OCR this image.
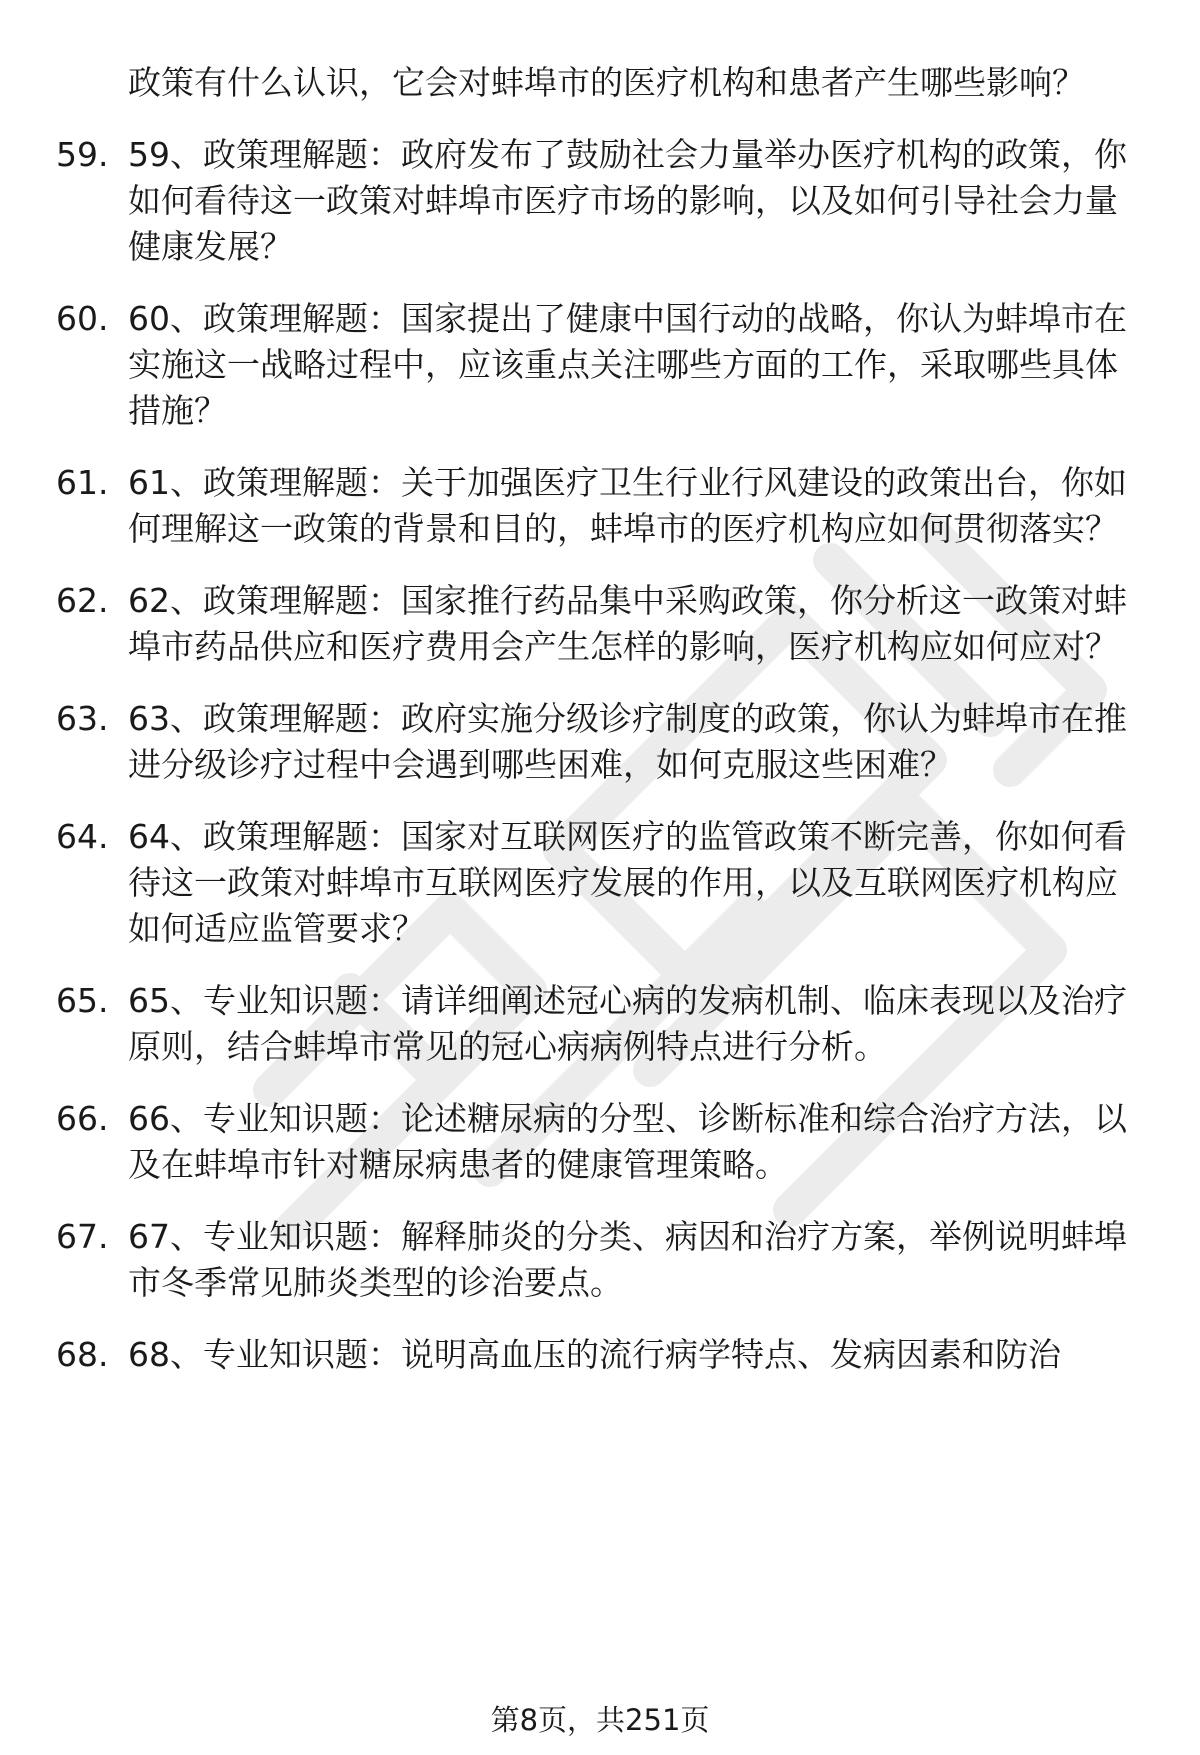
政策有什么认识，它会对蚌埠市的医疗机构和患者产生哪些影响？
59. 59、政策理解题：政府发布了鼓励社会力量举办医疗机构的政策，你如何看待这一政策对蚌埠市医疗市场的影响，以及如何引导社会力量健康发展？
60. 60、政策理解题：国家提出了健康中国行动的战略，你认为蚌埠市在实施这一战略过程中，应该重点关注哪些方面的工作，采取哪些具体措施？
61. 61、政策理解题：关于加强医疗卫生行业行风建设的政策出台，你如何理解这一政策的背景和目的，蚌埠市的医疗机构应如何贯彻落实？
62. 62、政策理解题：国家推行药品集中采购政策，你分析这一政策对蚌埠市药品供应和医疗费用会产生怎样的影响，医疗机构应如何应对？
63. 63、政策理解题：政府实施分级诊疗制度的政策，你认为蚌埠市在推进分级诊疗过程中会遇到哪些困难，如何克服这些困难？
64. 64、政策理解题：国家对互联网医疗的监管政策不断完善，你如何看待这一政策对蚌埠市互联网医疗发展的作用，以及互联网医疗机构应如何适应监管要求？
65. 65、专业知识题：请详细阐述冠心病的发病机制、临床表现以及治疗原则，结合蚌埠市常见的冠心病病例特点进行分析。
66. 66、专业知识题：论述糖尿病的分型、诊断标准和综合治疗方法，以及在蚌埠市针对糖尿病患者的健康管理策略。
67. 67、专业知识题：解释肺炎的分类、病因和治疗方案，举例说明蚌埠市冬季常见肺炎类型的诊治要点。
68. 68、专业知识题：说明高血压的流行病学特点、发病因素和防治
第8页，共251页
